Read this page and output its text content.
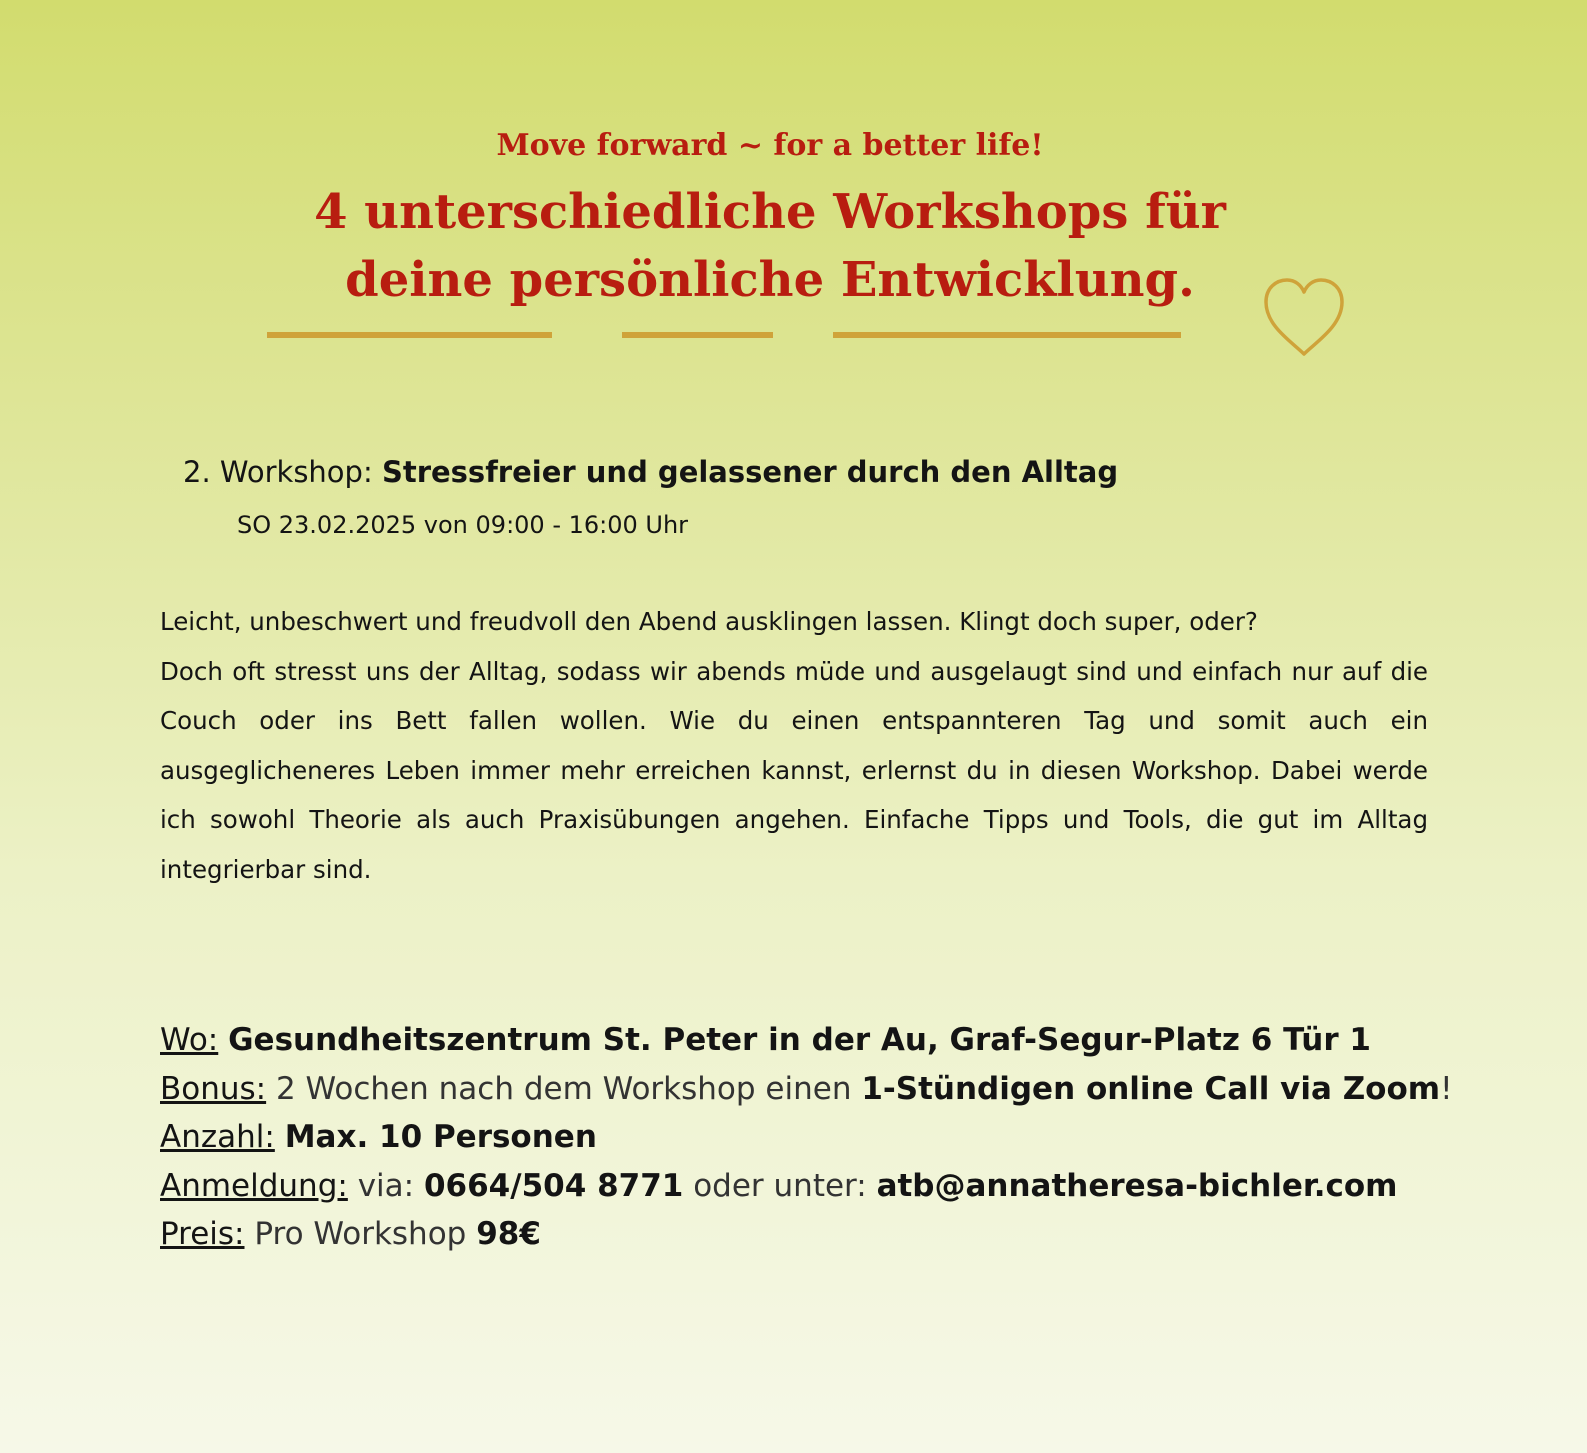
Move forward ~ for a better life!
4 unterschiedliche Workshops für
deine persönliche Entwicklung.

2. Workshop: Stressfreier und gelassener durch den Alltag

SO 23.02.2025 von 09:00 - 16:00 Uhr

Leicht, unbeschwert und freudvoll den Abend ausklingen lassen. Klingt doch super, oder?

Doch oft stresst uns der Alltag, sodass wir abends müde und ausgelaugt sind und einfach nur auf die Couch oder ins Bett fallen wollen. Wie du einen entspannteren Tag und somit auch ein ausgeglicheneres Leben immer mehr erreichen kannst, erlernst du in diesen Workshop. Dabei werde ich sowohl Theorie als auch Praxisübungen angehen. Einfache Tipps und Tools, die gut im Alltag integrierbar sind.

Wo: Gesundheitszentrum St. Peter in der Au, Graf-Segur-Platz 6 Tür 1
Bonus: 2 Wochen nach dem Workshop einen 1-Stündigen online Call via Zoom!
Anzahl: Max. 10 Personen
Anmeldung: via: 0664/504 8771 oder unter: atb@annatheresa-bichler.com
Preis: Pro Workshop 98€
